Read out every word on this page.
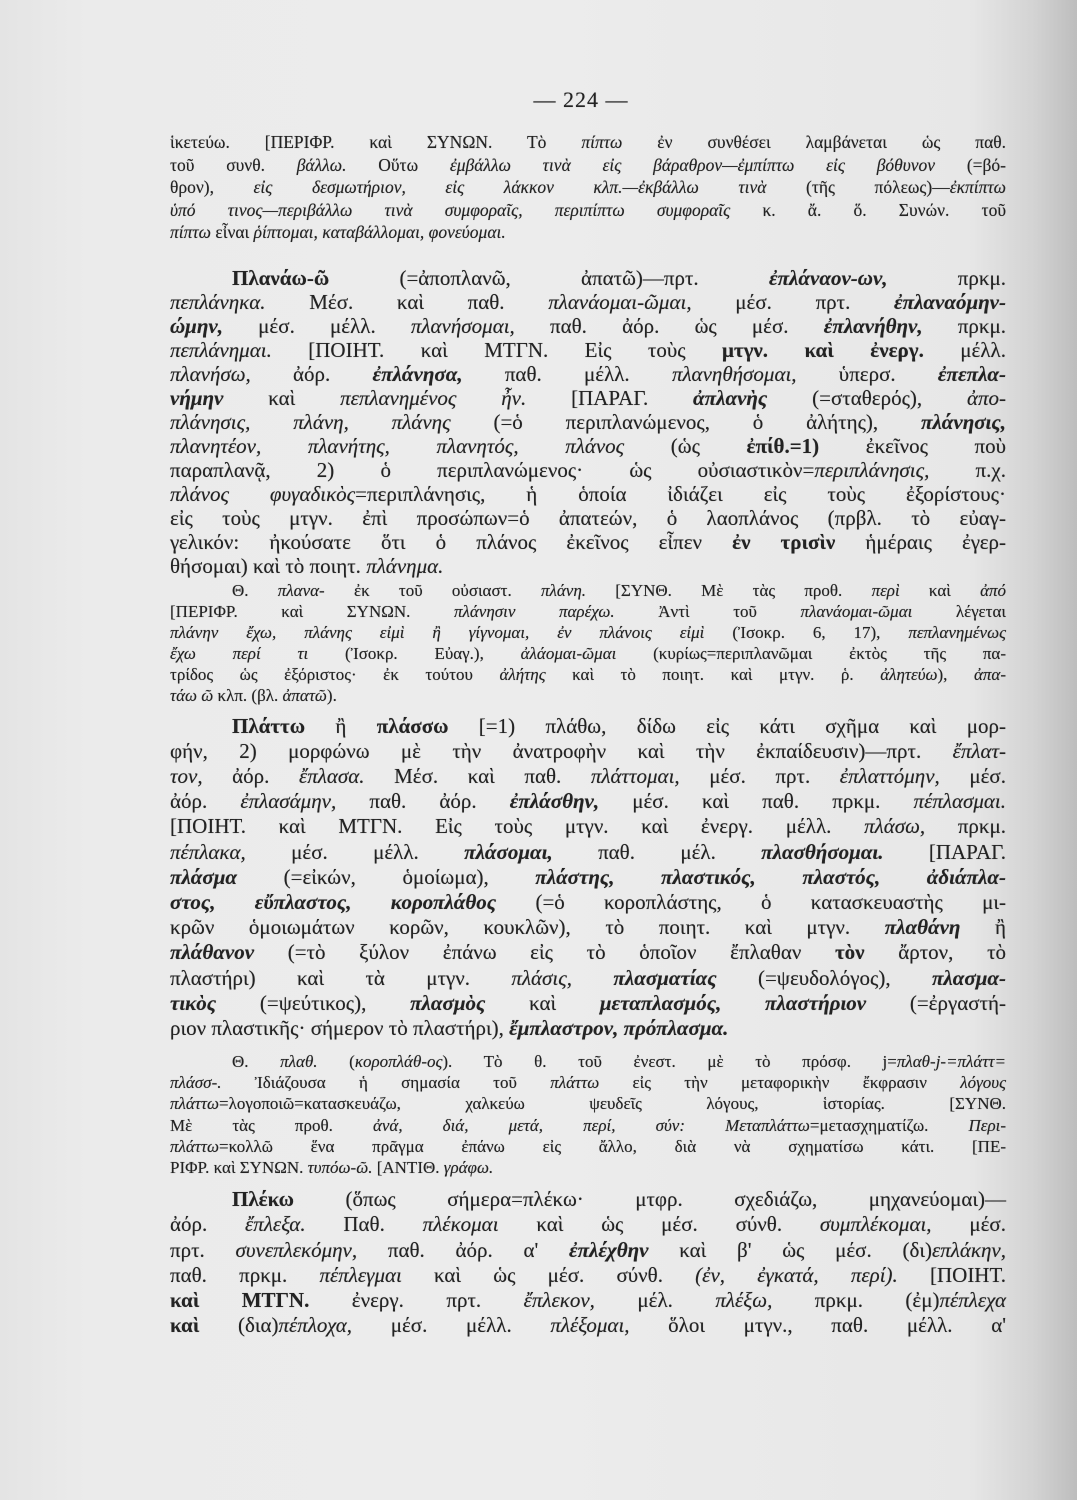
— 224 —
ἱκετεύω. [ΠΕΡΙΦΡ. καὶ ΣΥΝΩΝ. Τὸ πίπτω ἐν συνθέσει λαμβάνεται ὡς παθ.
τοῦ συνθ. βάλλω. Οὕτω ἐμβάλλω τινὰ εἰς βάραθρον—ἐμπίπτω εἰς βόθυνον (=βό-
θρον), εἰς δεσμωτήριον, εἰς λάκκον κλπ.—ἐκβάλλω τινὰ (τῆς πόλεως)—ἐκπίπτω
ὑπό τινος—περιβάλλω τινὰ συμφοραῖς, περιπίπτω συμφοραῖς κ. ἄ. ὅ. Συνών. τοῦ
πίπτω εἶναι ῥίπτομαι, καταβάλλομαι, φονεύομαι.
Πλανάω-ῶ (=ἀποπλανῶ, ἀπατῶ)—πρτ. ἐπλάναον-ων, πρκμ.
πεπλάνηκα. Μέσ. καὶ παθ. πλανάομαι-ῶμαι, μέσ. πρτ. ἐπλαναόμην-
ώμην, μέσ. μέλλ. πλανήσομαι, παθ. ἀόρ. ὡς μέσ. ἐπλανήθην, πρκμ.
πεπλάνημαι. [ΠΟΙΗΤ. καὶ ΜΤΓΝ. Εἰς τοὺς μτγν. καὶ ἐνεργ. μέλλ.
πλανήσω, ἀόρ. ἐπλάνησα, παθ. μέλλ. πλανηθήσομαι, ὑπερσ. ἐπεπλα-
νήμην καὶ πεπλανημένος ἦν. [ΠΑΡΑΓ. ἀπλανὴς (=σταθερός), ἀπο-
πλάνησις, πλάνη, πλάνης (=ὁ περιπλανώμενος, ὁ ἀλήτης), πλάνησις,
πλανητέον, πλανήτης, πλανητός, πλάνος (ὡς ἐπίθ.=1) ἐκεῖνος ποὺ
παραπλανᾷ, 2) ὁ περιπλανώμενος· ὡς οὐσιαστικὸν=περιπλάνησις, π.χ.
πλάνος φυγαδικὸς=περιπλάνησις, ἡ ὁποία ἰδιάζει εἰς τοὺς ἐξορίστους·
εἰς τοὺς μτγν. ἐπὶ προσώπων=ὁ ἀπατεών, ὁ λαοπλάνος (πρβλ. τὸ εὐαγ-
γελικόν: ἠκούσατε ὅτι ὁ πλάνος ἐκεῖνος εἶπεν ἐν τρισὶν ἡμέραις ἐγερ-
θήσομαι) καὶ τὸ ποιητ. πλάνημα.
Θ. πλανα- ἐκ τοῦ οὐσιαστ. πλάνη. [ΣΥΝΘ. Μὲ τὰς προθ. περὶ καὶ ἀπό
[ΠΕΡΙΦΡ. καὶ ΣΥΝΩΝ. πλάνησιν παρέχω. Ἀντὶ τοῦ πλανάομαι-ῶμαι λέγεται
πλάνην ἔχω, πλάνης εἰμὶ ἢ γίγνομαι, ἐν πλάνοις εἰμὶ (Ἰσοκρ. 6, 17), πεπλανημένως
ἔχω περί τι (Ἰσοκρ. Εὐαγ.), ἀλάομαι-ῶμαι (κυρίως=περιπλανῶμαι ἐκτὸς τῆς πα-
τρίδος ὡς ἐξόριστος· ἐκ τούτου ἀλήτης καὶ τὸ ποιητ. καὶ μτγν. ῥ. ἀλητεύω), ἀπα-
τάω ῶ κλπ. (βλ. ἀπατῶ).
Πλάττω ἢ πλάσσω [=1) πλάθω, δίδω εἰς κάτι σχῆμα καὶ μορ-
φήν, 2) μορφώνω μὲ τὴν ἀνατροφὴν καὶ τὴν ἐκπαίδευσιν)—πρτ. ἔπλατ-
τον, ἀόρ. ἔπλασα. Μέσ. καὶ παθ. πλάττομαι, μέσ. πρτ. ἐπλαττόμην, μέσ.
ἀόρ. ἐπλασάμην, παθ. ἀόρ. ἐπλάσθην, μέσ. καὶ παθ. πρκμ. πέπλασμαι.
[ΠΟΙΗΤ. καὶ ΜΤΓΝ. Εἰς τοὺς μτγν. καὶ ἐνεργ. μέλλ. πλάσω, πρκμ.
πέπλακα, μέσ. μέλλ. πλάσομαι, παθ. μέλ. πλασθήσομαι. [ΠΑΡΑΓ.
πλάσμα (=εἰκών, ὁμοίωμα), πλάστης, πλαστικός, πλαστός, ἀδιάπλα-
στος, εὔπλαστος, κοροπλάθος (=ὁ κοροπλάστης, ὁ κατασκευαστὴς μι-
κρῶν ὁμοιωμάτων κορῶν, κουκλῶν), τὸ ποιητ. καὶ μτγν. πλαθάνη ἢ
πλάθανον (=τὸ ξύλον ἐπάνω εἰς τὸ ὁποῖον ἔπλαθαν τὸν ἄρτον, τὸ
πλαστήρι) καὶ τὰ μτγν. πλάσις, πλασματίας (=ψευδολόγος), πλασμα-
τικὸς (=ψεύτικος), πλασμὸς καὶ μεταπλασμός, πλαστήριον (=ἐργαστή-
ριον πλαστικῆς· σήμερον τὸ πλαστήρι), ἔμπλαστρον, πρόπλασμα.
Θ. πλαθ. (κοροπλάθ-ος). Τὸ θ. τοῦ ἐνεστ. μὲ τὸ πρόσφ. j=πλαθ-j-=πλάττ=
πλάσσ-. Ἰδιάζουσα ἡ σημασία τοῦ πλάττω εἰς τὴν μεταφορικὴν ἔκφρασιν λόγους
πλάττω=λογοποιῶ=κατασκευάζω, χαλκεύω ψευδεῖς λόγους, ἱστορίας. [ΣΥΝΘ.
Μὲ τὰς προθ. ἀνά, διά, μετά, περί, σύν: Μεταπλάττω=μετασχηματίζω. Περι-
πλάττω=κολλῶ ἕνα πρᾶγμα ἐπάνω εἰς ἄλλο, διὰ νὰ σχηματίσω κάτι. [ΠΕ-
ΡΙΦΡ. καὶ ΣΥΝΩΝ. τυπόω-ῶ. [ΑΝΤΙΘ. γράφω.
Πλέκω (ὅπως σήμερα=πλέκω· μτφρ. σχεδιάζω, μηχανεύομαι)—
ἀόρ. ἔπλεξα. Παθ. πλέκομαι καὶ ὡς μέσ. σύνθ. συμπλέκομαι, μέσ.
πρτ. συνεπλεκόμην, παθ. ἀόρ. α' ἐπλέχθην καὶ β' ὡς μέσ. (δι)επλάκην,
παθ. πρκμ. πέπλεγμαι καὶ ὡς μέσ. σύνθ. (ἐν, ἐγκατά, περί). [ΠΟΙΗΤ.
καὶ ΜΤΓΝ. ἐνεργ. πρτ. ἔπλεκον, μέλ. πλέξω, πρκμ. (ἐμ)πέπλεχα
καὶ (δια)πέπλοχα, μέσ. μέλλ. πλέξομαι, ὅλοι μτγν., παθ. μέλλ. α'
